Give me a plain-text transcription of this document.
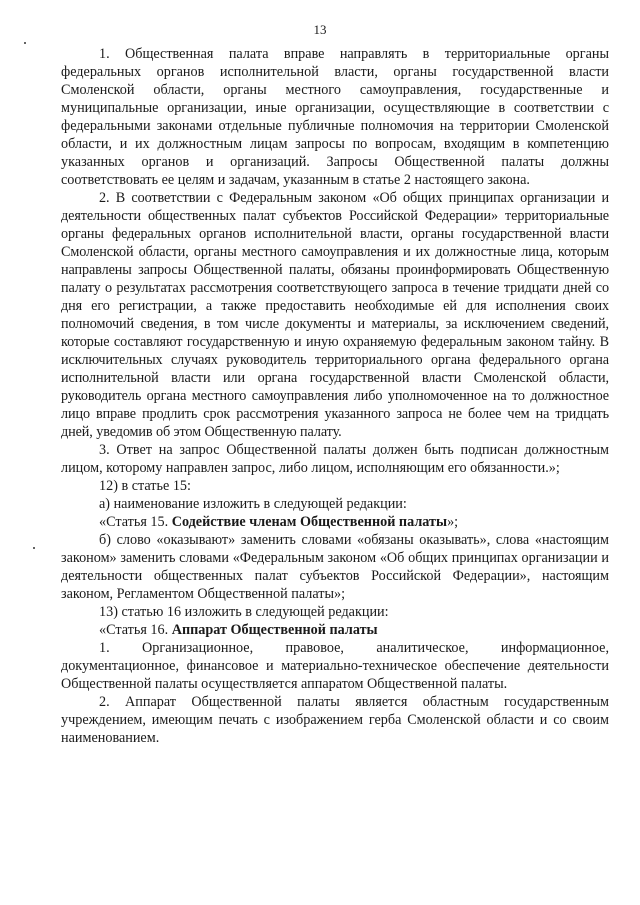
13

1. Общественная палата вправе направлять в территориальные органы федеральных органов исполнительной власти, органы государственной власти Смоленской области, органы местного самоуправления, государственные и муниципальные организации, иные организации, осуществляющие в соответствии с федеральными законами отдельные публичные полномочия на территории Смоленской области, и их должностным лицам запросы по вопросам, входящим в компетенцию указанных органов и организаций. Запросы Общественной палаты должны соответствовать ее целям и задачам, указанным в статье 2 настоящего закона.

2. В соответствии с Федеральным законом «Об общих принципах организации и деятельности общественных палат субъектов Российской Федерации» территориальные органы федеральных органов исполнительной власти, органы государственной власти Смоленской области, органы местного самоуправления и их должностные лица, которым направлены запросы Общественной палаты, обязаны проинформировать Общественную палату о результатах рассмотрения соответствующего запроса в течение тридцати дней со дня его регистрации, а также предоставить необходимые ей для исполнения своих полномочий сведения, в том числе документы и материалы, за исключением сведений, которые составляют государственную и иную охраняемую федеральным законом тайну. В исключительных случаях руководитель территориального органа федерального органа исполнительной власти или органа государственной власти Смоленской области, руководитель органа местного самоуправления либо уполномоченное на то должностное лицо вправе продлить срок рассмотрения указанного запроса не более чем на тридцать дней, уведомив об этом Общественную палату.

3. Ответ на запрос Общественной палаты должен быть подписан должностным лицом, которому направлен запрос, либо лицом, исполняющим его обязанности.»;

12) в статье 15:

а) наименование изложить в следующей редакции:

«Статья 15. Содействие членам Общественной палаты»;

б) слово «оказывают» заменить словами «обязаны оказывать», слова «настоящим законом» заменить словами «Федеральным законом «Об общих принципах организации и деятельности общественных палат субъектов Российской Федерации», настоящим законом, Регламентом Общественной палаты»;

13) статью 16 изложить в следующей редакции:

«Статья 16. Аппарат Общественной палаты

1. Организационное, правовое, аналитическое, информационное, документационное, финансовое и материально-техническое обеспечение деятельности Общественной палаты осуществляется аппаратом Общественной палаты.

2. Аппарат Общественной палаты является областным государственным учреждением, имеющим печать с изображением герба Смоленской области и со своим наименованием.
